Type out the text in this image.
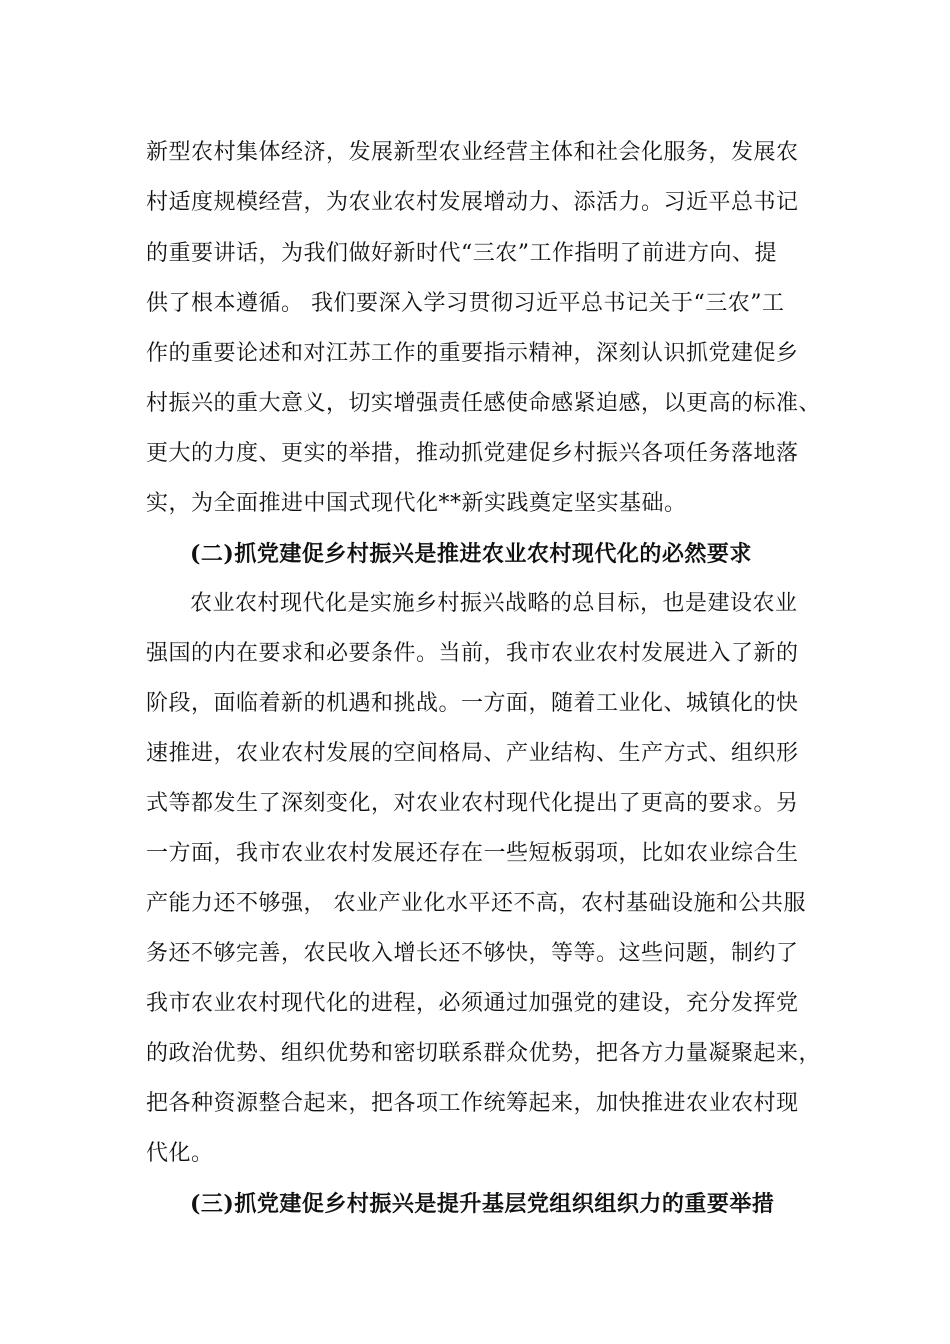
新型农村集体经济，发展新型农业经营主体和社会化服务，发展农
村适度规模经营，为农业农村发展增动力、添活力。习近平总书记
的重要讲话，为我们做好新时代“三农”工作指明了前进方向、提
供了根本遵循。 我们要深入学习贯彻习近平总书记关于“三农”工
作的重要论述和对江苏工作的重要指示精神，深刻认识抓党建促乡
村振兴的重大意义，切实增强责任感使命感紧迫感，以更高的标准、
更大的力度、更实的举措，推动抓党建促乡村振兴各项任务落地落
实，为全面推进中国式现代化**新实践奠定坚实基础。
(二)抓党建促乡村振兴是推进农业农村现代化的必然要求
农业农村现代化是实施乡村振兴战略的总目标，也是建设农业
强国的内在要求和必要条件。当前，我市农业农村发展进入了新的
阶段，面临着新的机遇和挑战。一方面，随着工业化、城镇化的快
速推进，农业农村发展的空间格局、产业结构、生产方式、组织形
式等都发生了深刻变化，对农业农村现代化提出了更高的要求。另
一方面，我市农业农村发展还存在一些短板弱项，比如农业综合生
产能力还不够强， 农业产业化水平还不高，农村基础设施和公共服
务还不够完善，农民收入增长还不够快，等等。这些问题，制约了
我市农业农村现代化的进程，必须通过加强党的建设，充分发挥党
的政治优势、组织优势和密切联系群众优势，把各方力量凝聚起来，
把各种资源整合起来，把各项工作统筹起来，加快推进农业农村现
代化。
(三)抓党建促乡村振兴是提升基层党组织组织力的重要举措
